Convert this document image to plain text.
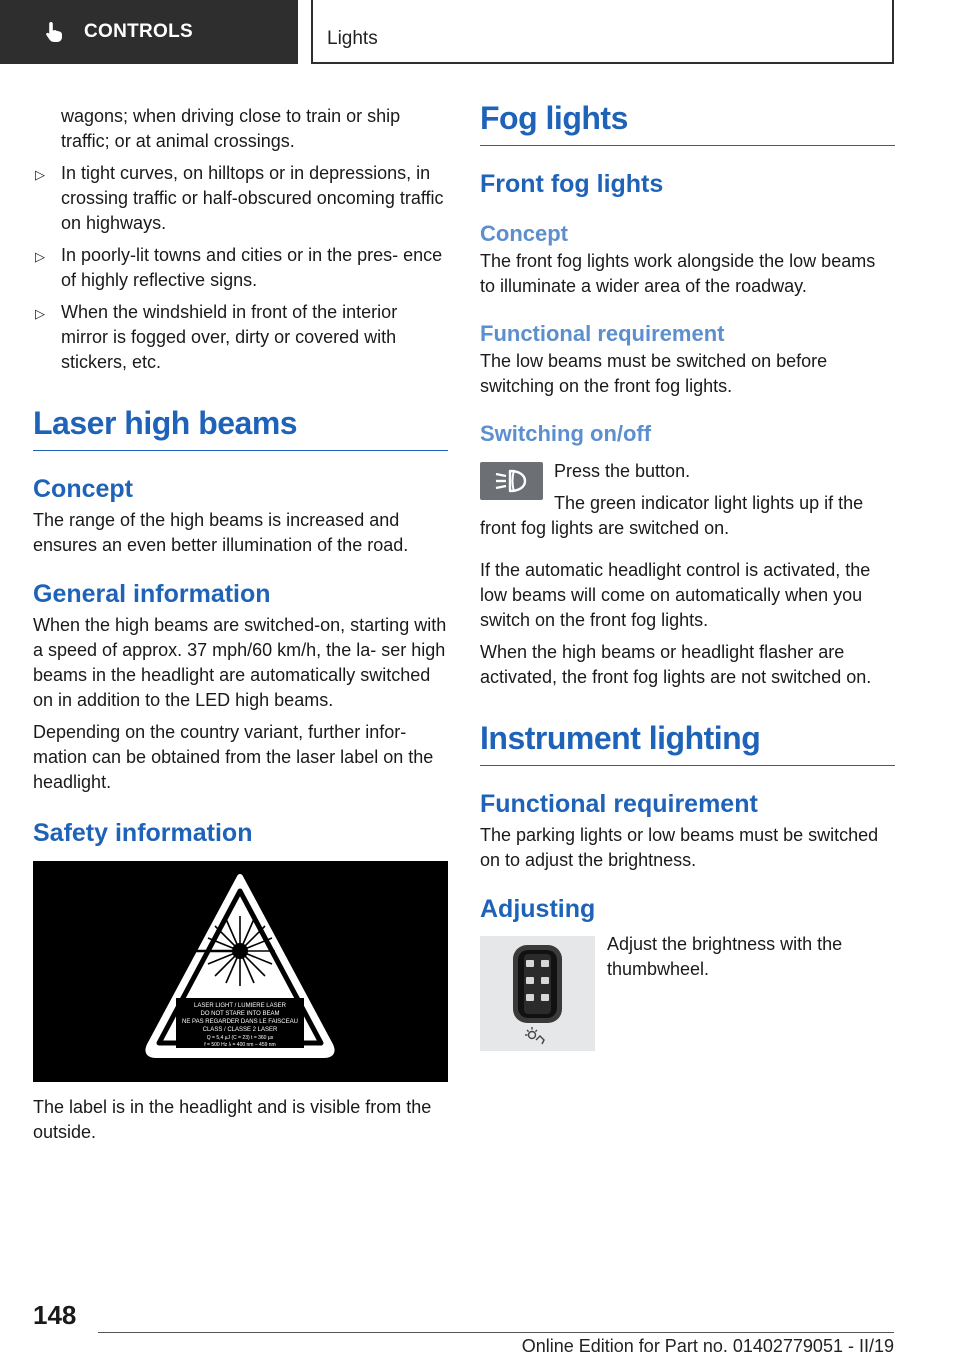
CONTROLS	Lights

wagons; when driving close to train or ship traffic; or at animal crossings.

▷ In tight curves, on hilltops or in depressions, in crossing traffic or half-obscured oncoming traffic on highways.
▷ In poorly-lit towns and cities or in the pres‐ ence of highly reflective signs.
▷ When the windshield in front of the interior mirror is fogged over, dirty or covered with stickers, etc.
Laser high beams
Concept

The range of the high beams is increased and ensures an even better illumination of the road.

General information

When the high beams are switched-on, starting with a speed of approx. 37 mph/60 km/h, the la‐ ser high beams in the headlight are automatically switched on in addition to the LED high beams.

Depending on the country variant, further infor‐ mation can be obtained from the laser label on the headlight.

Safety information
LASER LIGHT / LUMIERE LASER
DO NOT STARE INTO BEAM
NE PAS REGARDER DANS LE FAISCEAU
CLASS / CLASSE 2 LASER
Q = 5,4 µJ (C = 23) t = 360 µs
f = 500 Hz λ = 400 nm – 459 nm

The label is in the headlight and is visible from the outside.

Fog lights
Front fog lights
Concept

The front fog lights work alongside the low beams to illuminate a wider area of the roadway.

Functional requirement

The low beams must be switched on before switching on the front fog lights.

Switching on/off

Press the button.

The green indicator light lights up if the front fog lights are switched on.

If the automatic headlight control is activated, the low beams will come on automatically when you switch on the front fog lights.

When the high beams or headlight flasher are activated, the front fog lights are not switched on.

Instrument lighting
Functional requirement

The parking lights or low beams must be switched on to adjust the brightness.

Adjusting

Adjust the brightness with the thumbwheel.

148
Online Edition for Part no. 01402779051 - II/19
